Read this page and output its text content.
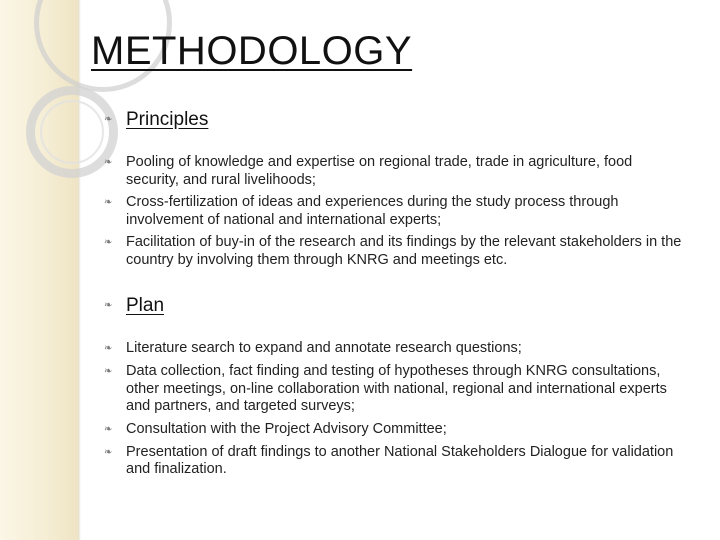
METHODOLOGY
❧ Principles
❧ Pooling of knowledge and expertise on regional trade, trade in agriculture, food security, and rural livelihoods;
❧ Cross-fertilization of ideas and experiences during the study process through involvement of national and international experts;
❧ Facilitation of buy-in of the research and its findings by the relevant stakeholders in the country by involving them through KNRG and meetings etc.
❧ Plan
❧ Literature search to expand and annotate research questions;
❧ Data collection, fact finding and testing of hypotheses through KNRG consultations, other meetings, on-line collaboration with national, regional and international experts and partners, and targeted surveys;
❧ Consultation with the Project Advisory Committee;
❧ Presentation of draft findings to another National Stakeholders Dialogue for validation and finalization.
